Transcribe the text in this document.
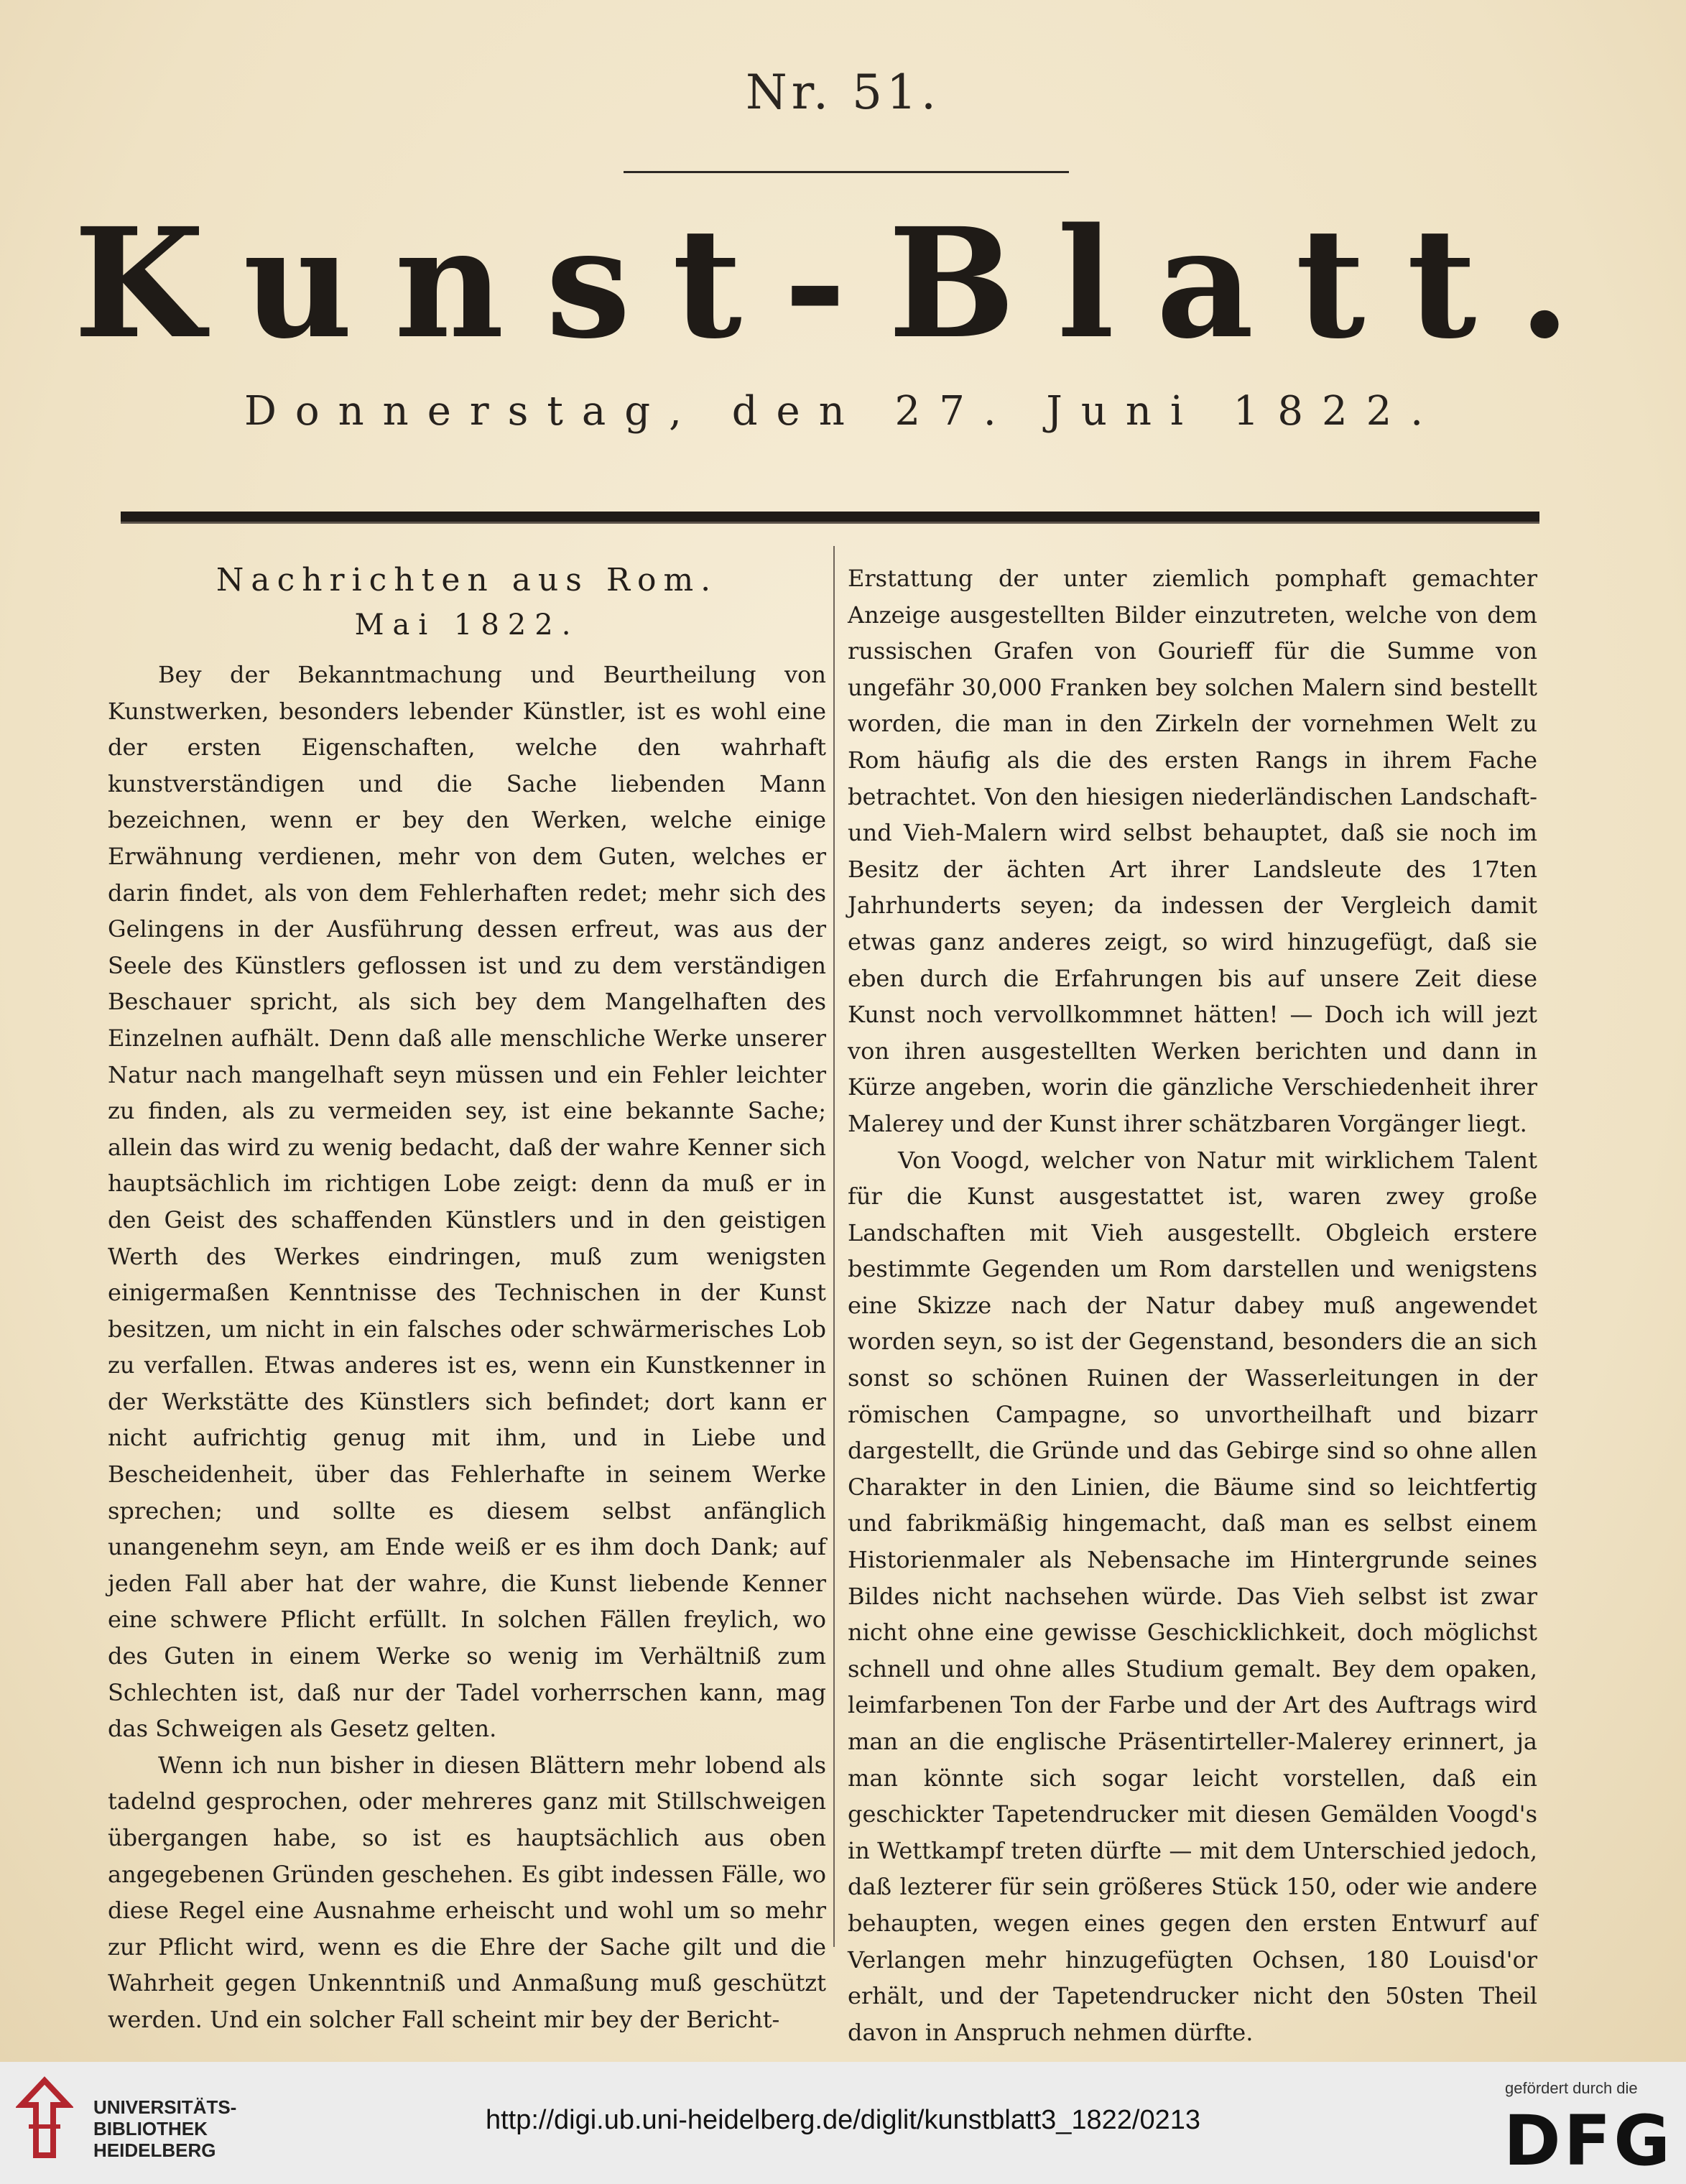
Nr. 51.
Kunst-Blatt.
Donnerstag, den 27. Juni 1822.
Nachrichten aus Rom.
Mai 1822.

Bey der Bekanntmachung und Beurtheilung von Kunstwerken, besonders lebender Künstler, ist es wohl eine der ersten Eigenschaften, welche den wahrhaft kunstverständigen und die Sache liebenden Mann bezeichnen, wenn er bey den Werken, welche einige Erwähnung verdienen, mehr von dem Guten, welches er darin findet, als von dem Fehlerhaften redet; mehr sich des Gelingens in der Ausführung dessen erfreut, was aus der Seele des Künstlers geflossen ist und zu dem verständigen Beschauer spricht, als sich bey dem Mangelhaften des Einzelnen aufhält. Denn daß alle menschliche Werke unserer Natur nach mangelhaft seyn müssen und ein Fehler leichter zu finden, als zu vermeiden sey, ist eine bekannte Sache; allein das wird zu wenig bedacht, daß der wahre Kenner sich hauptsächlich im richtigen Lobe zeigt: denn da muß er in den Geist des schaffenden Künstlers und in den geistigen Werth des Werkes eindringen, muß zum wenigsten einigermaßen Kenntnisse des Technischen in der Kunst besitzen, um nicht in ein falsches oder schwärmerisches Lob zu verfallen. Etwas anderes ist es, wenn ein Kunstkenner in der Werkstätte des Künstlers sich befindet; dort kann er nicht aufrichtig genug mit ihm, und in Liebe und Bescheidenheit, über das Fehlerhafte in seinem Werke sprechen; und sollte es diesem selbst anfänglich unangenehm seyn, am Ende weiß er es ihm doch Dank; auf jeden Fall aber hat der wahre, die Kunst liebende Kenner eine schwere Pflicht erfüllt. In solchen Fällen freylich, wo des Guten in einem Werke so wenig im Verhältniß zum Schlechten ist, daß nur der Tadel vorherrschen kann, mag das Schweigen als Gesetz gelten.

Wenn ich nun bisher in diesen Blättern mehr lobend als tadelnd gesprochen, oder mehreres ganz mit Stillschweigen übergangen habe, so ist es hauptsächlich aus oben angegebenen Gründen geschehen. Es gibt indessen Fälle, wo diese Regel eine Ausnahme erheischt und wohl um so mehr zur Pflicht wird, wenn es die Ehre der Sache gilt und die Wahrheit gegen Unkenntniß und Anmaßung muß geschützt werden. Und ein solcher Fall scheint mir bey der Bericht-

Erstattung der unter ziemlich pomphaft gemachter Anzeige ausgestellten Bilder einzutreten, welche von dem russischen Grafen von Gourieff für die Summe von ungefähr 30,000 Franken bey solchen Malern sind bestellt worden, die man in den Zirkeln der vornehmen Welt zu Rom häufig als die des ersten Rangs in ihrem Fache betrachtet. Von den hiesigen niederländischen Landschaft- und Vieh-Malern wird selbst behauptet, daß sie noch im Besitz der ächten Art ihrer Landsleute des 17ten Jahrhunderts seyen; da indessen der Vergleich damit etwas ganz anderes zeigt, so wird hinzugefügt, daß sie eben durch die Erfahrungen bis auf unsere Zeit diese Kunst noch vervollkommnet hätten! — Doch ich will jezt von ihren ausgestellten Werken berichten und dann in Kürze angeben, worin die gänzliche Verschiedenheit ihrer Malerey und der Kunst ihrer schätzbaren Vorgänger liegt.

Von Voogd, welcher von Natur mit wirklichem Talent für die Kunst ausgestattet ist, waren zwey große Landschaften mit Vieh ausgestellt. Obgleich erstere bestimmte Gegenden um Rom darstellen und wenigstens eine Skizze nach der Natur dabey muß angewendet worden seyn, so ist der Gegenstand, besonders die an sich sonst so schönen Ruinen der Wasserleitungen in der römischen Campagne, so unvortheilhaft und bizarr dargestellt, die Gründe und das Gebirge sind so ohne allen Charakter in den Linien, die Bäume sind so leichtfertig und fabrikmäßig hingemacht, daß man es selbst einem Historienmaler als Nebensache im Hintergrunde seines Bildes nicht nachsehen würde. Das Vieh selbst ist zwar nicht ohne eine gewisse Geschicklichkeit, doch möglichst schnell und ohne alles Studium gemalt. Bey dem opaken, leimfarbenen Ton der Farbe und der Art des Auftrags wird man an die englische Präsentirteller-Malerey erinnert, ja man könnte sich sogar leicht vorstellen, daß ein geschickter Tapetendrucker mit diesen Gemälden Voogd's in Wettkampf treten dürfte — mit dem Unterschied jedoch, daß lezterer für sein größeres Stück 150, oder wie andere behaupten, wegen eines gegen den ersten Entwurf auf Verlangen mehr hinzugefügten Ochsen, 180 Louisd'or erhält, und der Tapetendrucker nicht den 50sten Theil davon in Anspruch nehmen dürfte.

UNIVERSITÄTS-
BIBLIOTHEK
HEIDELBERG
http://digi.ub.uni-heidelberg.de/diglit/kunstblatt3_1822/0213
gefördert durch die
DFG
